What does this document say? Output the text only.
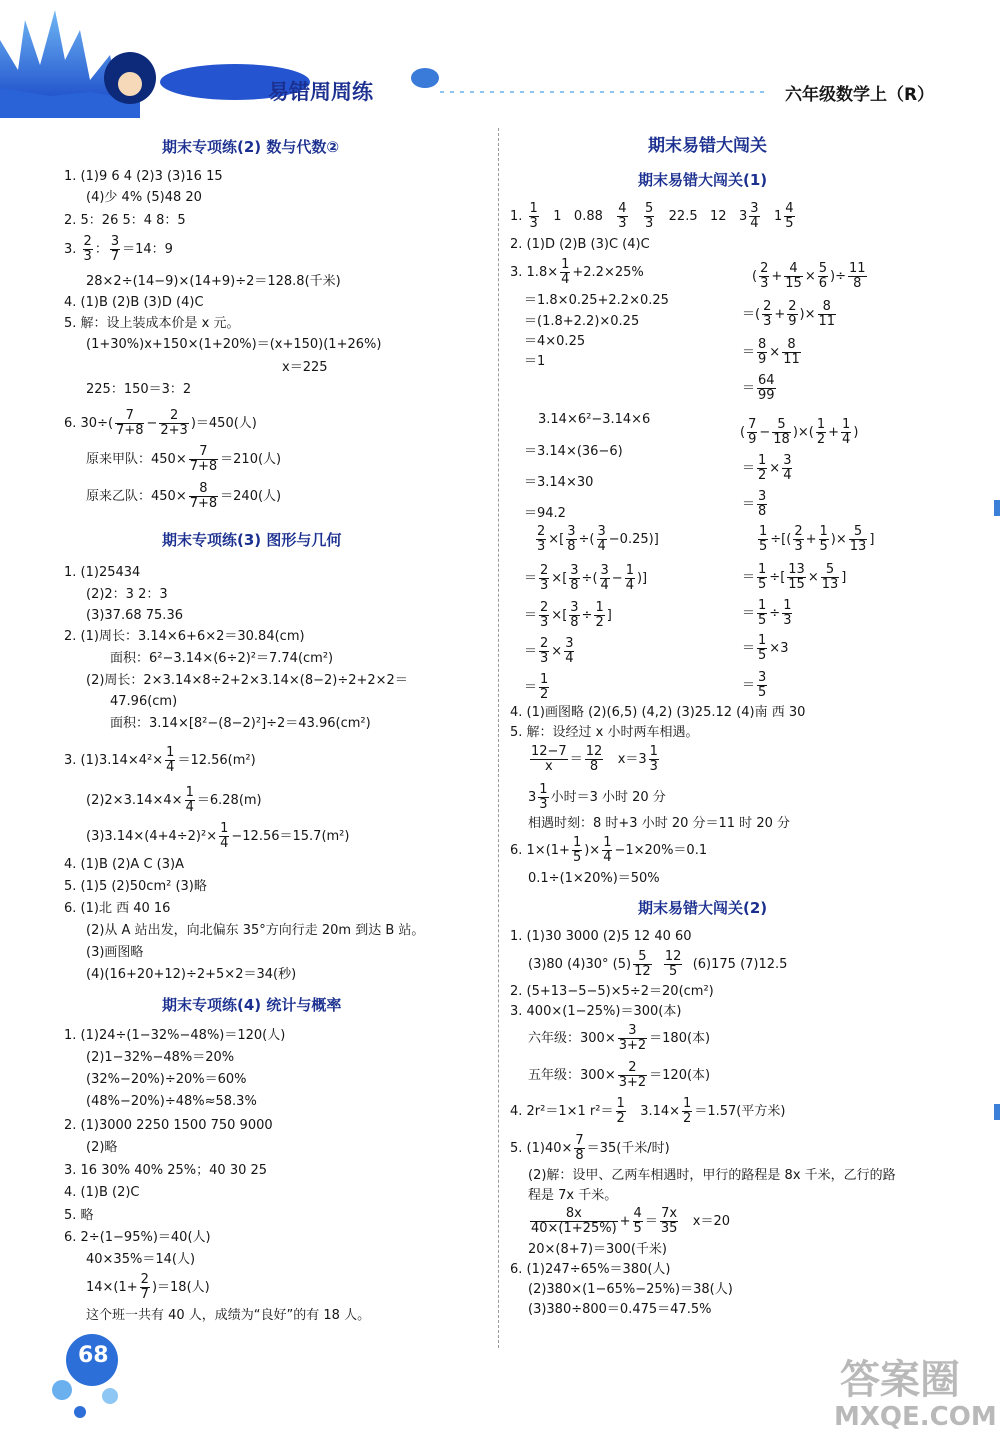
易错周周练	六年级数学上（R）
期末专项练(2) 数与代数②
1. (1)9 6 4 (2)3 (3)16 15
(4)少 4% (5)48 20
2. 5：26 5：4 8：5
3. $\frac{2}{3}$ ： $\frac{3}{7} =14$：9
28×2÷(14−9)×(14+9)÷2＝128.8(千米)
4. (1)B (2)B (3)D (4)C
5. 解：设上装成本价是 x 元。
(1+30%)x+150×(1+20%)＝(x+150)(1+26%)
x＝225
225：150＝3：2
6. $30\div( \frac{7}{7+8} - \frac{2}{2+3} )=450$(人)
原来甲队：$450\times \frac{7}{7+8} =210$(人)
原来乙队：$450\times \frac{8}{7+8} =240$(人)
期末专项练(3) 图形与几何
1. (1)25434
(2)2：3 2：3
(3)37.68 75.36
2. (1)周长：3.14×6+6×2＝30.84(cm)
面积：6²−3.14×(6÷2)²＝7.74(cm²)
(2)周长：2×3.14×8÷2+2×3.14×(8−2)÷2+2×2＝
47.96(cm)
面积：3.14×[8²−(8−2)²]÷2＝43.96(cm²)
3. $(1)3.14\times 4^2\times \frac{1}{4} =12.56(m^2)$
$(2)2\times 3.14\times 4\times \frac{1}{4} =6.28(m)$
$(3)3.14\times(4+4\div 2)^2\times \frac{1}{4} -12.56=15.7(m^2)$
4. (1)B (2)A C (3)A
5. (1)5 (2)50cm² (3)略
6. (1)北 西 40 16
(2)从 A 站出发，向北偏东 35°方向行走 20m 到达 B 站。
(3)画图略
(4)(16+20+12)÷2+5×2＝34(秒)
期末专项练(4) 统计与概率
1. (1)24÷(1−32%−48%)＝120(人)
(2)1−32%−48%＝20%
(32%−20%)÷20%＝60%
(48%−20%)÷48%≈58.3%
2. (1)3000 2250 1500 750 9000
(2)略
3. 16 30% 40% 25%；40 30 25
4. (1)B (2)C
5. 略
6. 2÷(1−95%)＝40(人)
40×35%＝14(人)
$14\times(1+ \frac{2}{7} )=18$(人)
这个班一共有 40 人，成绩为“良好”的有 18 人。
68
期末易错大闯关
期末易错大闯关(1)
1. $\frac{1}{3} 1$ $0.88 \frac{4}{3}$
$\frac{5}{3} 22.5$ 12 $3 \frac{3}{4} 1 \frac{4}{5}$
2. (1)D (2)B (3)C (4)C
3. $1.8\times \frac{1}{4} +2.2\times 25\%$
＝1.8×0.25+2.2×0.25
＝(1.8+2.2)×0.25
＝4×0.25
＝1
( $\frac{2}{3} + \frac{4}{15} \times \frac{5}{6}$ )÷ $\frac{11}{8}$
＝( $\frac{2}{3} + \frac{2}{9}$ )× $\frac{8}{11}$
＝ $\frac{8}{9} \times \frac{8}{11}$
＝ $\frac{64}{99}$
3.14×6²−3.14×6
＝3.14×(36−6)
＝3.14×30
＝94.2
( $\frac{7}{9} - \frac{5}{18}$ )×( $\frac{1}{2} + \frac{1}{4}$ )
＝ $\frac{1}{2} \times \frac{3}{4}$
＝ $\frac{3}{8}$
$\frac{2}{3}$ ×[ $\frac{3}{8}$ ÷( $\frac{3}{4} -0.25$)]
＝ $\frac{2}{3}$ ×[ $\frac{3}{8}$ ÷( $\frac{3}{4} - \frac{1}{4}$ )]
＝ $\frac{2}{3}$ ×[ $\frac{3}{8} \div \frac{1}{2}$ ]
＝ $\frac{2}{3} \times \frac{3}{4}$
＝ $\frac{1}{2}$
$\frac{1}{5}$ ÷[( $\frac{2}{3} + \frac{1}{5}$ )× $\frac{5}{13}$ ]
＝ $\frac{1}{5}$ ÷[ $\frac{13}{15} \times \frac{5}{13}$ ]
＝ $\frac{1}{5} \div \frac{1}{3}$
＝ $\frac{1}{5} \times 3$
＝ $\frac{3}{5}$
4. (1)画图略 (2)(6,5) (4,2) (3)25.12 (4)南 西 30
5. 解：设经过 x 小时两车相遇。
$\frac{12-7}{x} = \frac{12}{8} x=3 \frac{1}{3}$
$3 \frac{1}{3}$ 小时＝3 小时 20 分
相遇时刻：8 时+3 小时 20 分＝11 时 20 分
6. $1\times(1+ \frac{1}{5}$ )× $\frac{1}{4} -1\times 20\%=0.1$
0.1÷(1×20%)＝50%
期末易错大闯关(2)
1. (1)30 3000 (2)5 12 40 60
(3)80 (4)30° $(5) \frac{5}{12}$
$\frac{12}{5} (6)175$ (7)12.5
2. (5+13−5−5)×5÷2＝20(cm²)
3. 400×(1−25%)＝300(本)
六年级：$300\times \frac{3}{3+2} =180$(本)
五年级：$300\times \frac{2}{3+2} =120$(本)
4. 2r²＝1×1 $r^2= \frac{1}{2} 3.14\times \frac{1}{2} =1.57$(平方米)
5. $(1)40\times \frac{7}{8} =35$(千米/时)
(2)解：设甲、乙两车相遇时，甲行的路程是 8x 千米，乙行的路
程是 7x 千米。
$\frac{8x}{40\times(1+25\%)} + \frac{4}{5} = \frac{7x}{35} x=20$
20×(8+7)＝300(千米)
6. (1)247÷65%＝380(人)
(2)380×(1−65%−25%)＝38(人)
(3)380÷800＝0.475＝47.5%
答案圈
MXQE.COM
